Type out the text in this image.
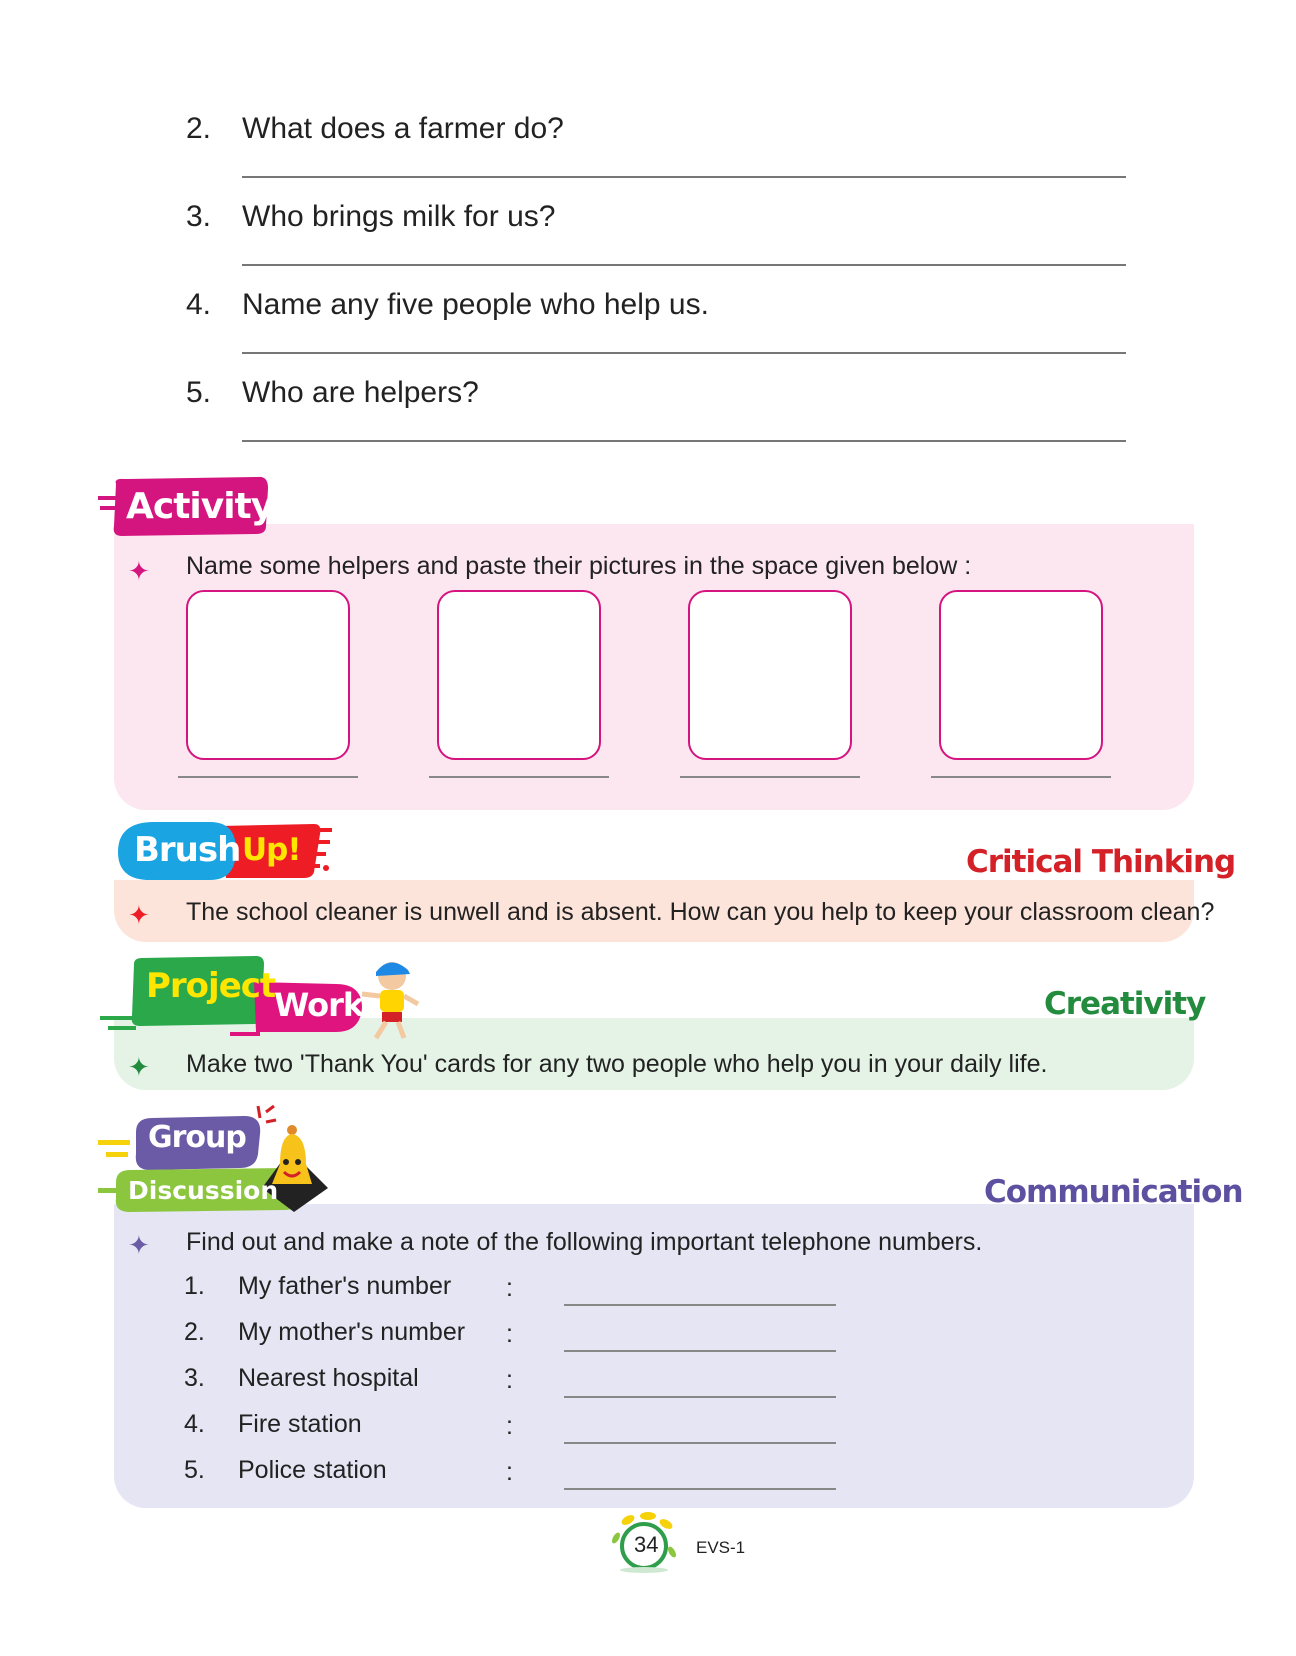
2. What does a farmer do?
3. Who brings milk for us?
4. Name any five people who help us.
5. Who are helpers?
Activity
✦ Name some helpers and paste their pictures in the space given below :
Brush Up!	Critical Thinking
✦ The school cleaner is unwell and is absent. How can you help to keep your classroom clean?
Project
Work	Creativity
✦ Make two 'Thank You' cards for any two people who help you in your daily life.
Group
Discussion	Communication
✦ Find out and make a note of the following important telephone numbers.
1. My father's number :
2. My mother's number :
3. Nearest hospital	:
4. Fire station	:
5. Police station	:
34 EVS-1
